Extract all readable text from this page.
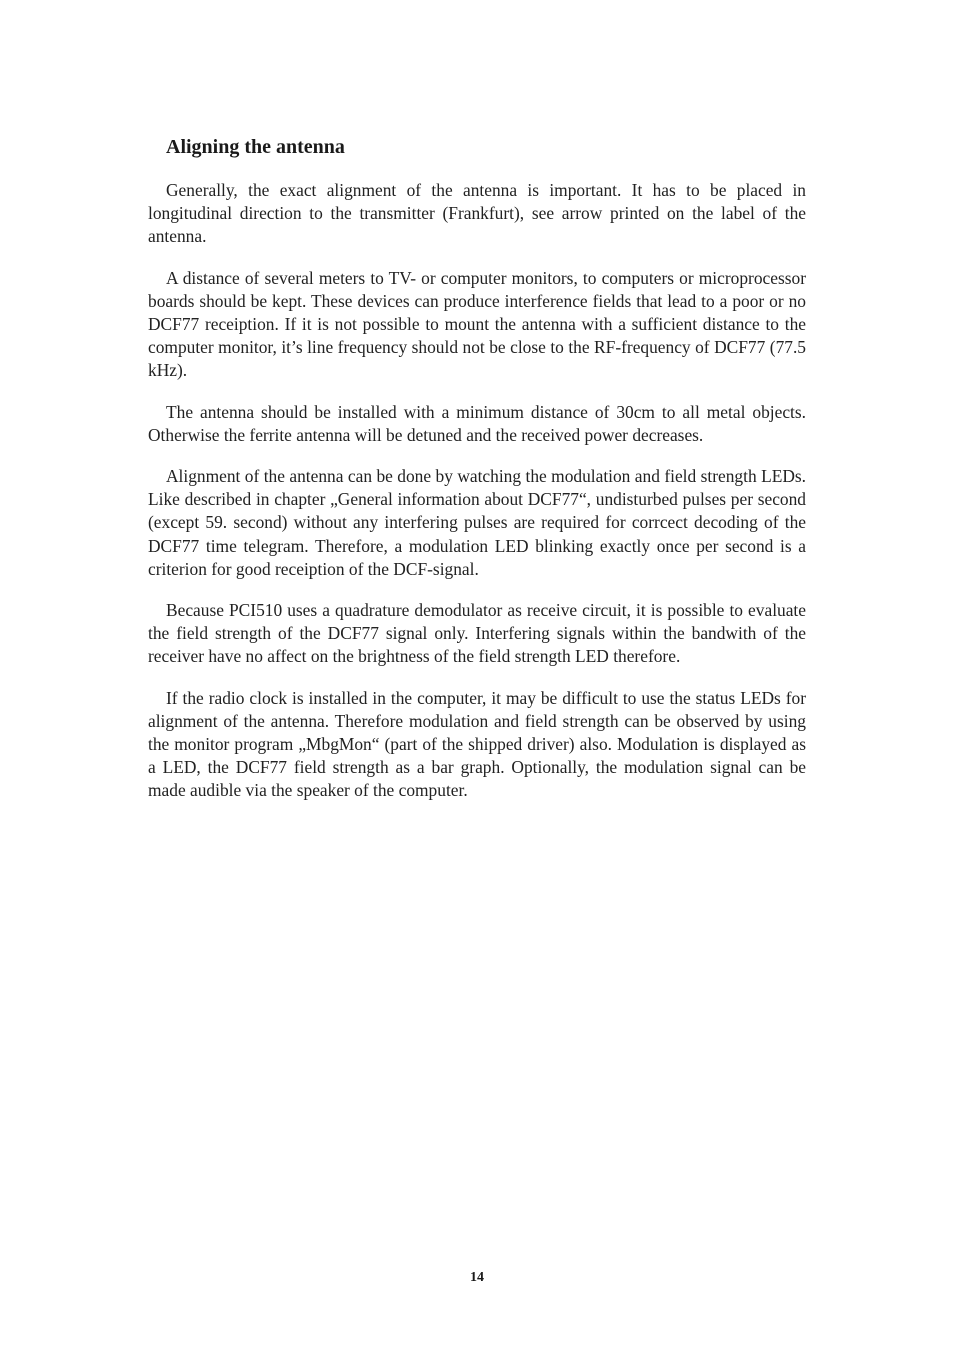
Aligning the antenna

Generally, the exact alignment of the antenna is important. It has to be placed in longitudinal direction to the transmitter (Frankfurt), see arrow printed on the label of the antenna.

A distance of several meters to TV- or computer monitors, to computers or microprocessor boards should be kept. These devices can produce interference fields that lead to a poor or no DCF77 receiption. If it is not possible to mount the antenna with a sufficient distance to the computer monitor, it’s line frequency should not be close to the RF-frequency of DCF77 (77.5 kHz).

The antenna should be installed with a minimum distance of 30cm to all metal objects. Otherwise the ferrite antenna will be detuned and the received power decreases.

Alignment of the antenna can be done by watching the modulation and field strength LEDs. Like described in chapter „General information about DCF77“, undisturbed pulses per second (except 59. second) without any interfering pulses are required for corrcect decoding of the DCF77 time telegram. Therefore, a modulation LED blinking exactly once per second is a criterion for good receiption of the DCF-signal.

Because PCI510 uses a quadrature demodulator as receive circuit, it is possible to evaluate the field strength of the DCF77 signal only. Interfering signals within the bandwith of the receiver have no affect on the brightness of the field strength LED therefore.

If the radio clock is installed in the computer, it may be difficult to use the status LEDs for alignment of the antenna. Therefore modulation and field strength can be observed by using the monitor program „MbgMon“ (part of the shipped driver) also. Modulation is displayed as a LED, the DCF77 field strength as a bar graph. Optionally, the modulation signal can be made audible via the speaker of the computer.

14
